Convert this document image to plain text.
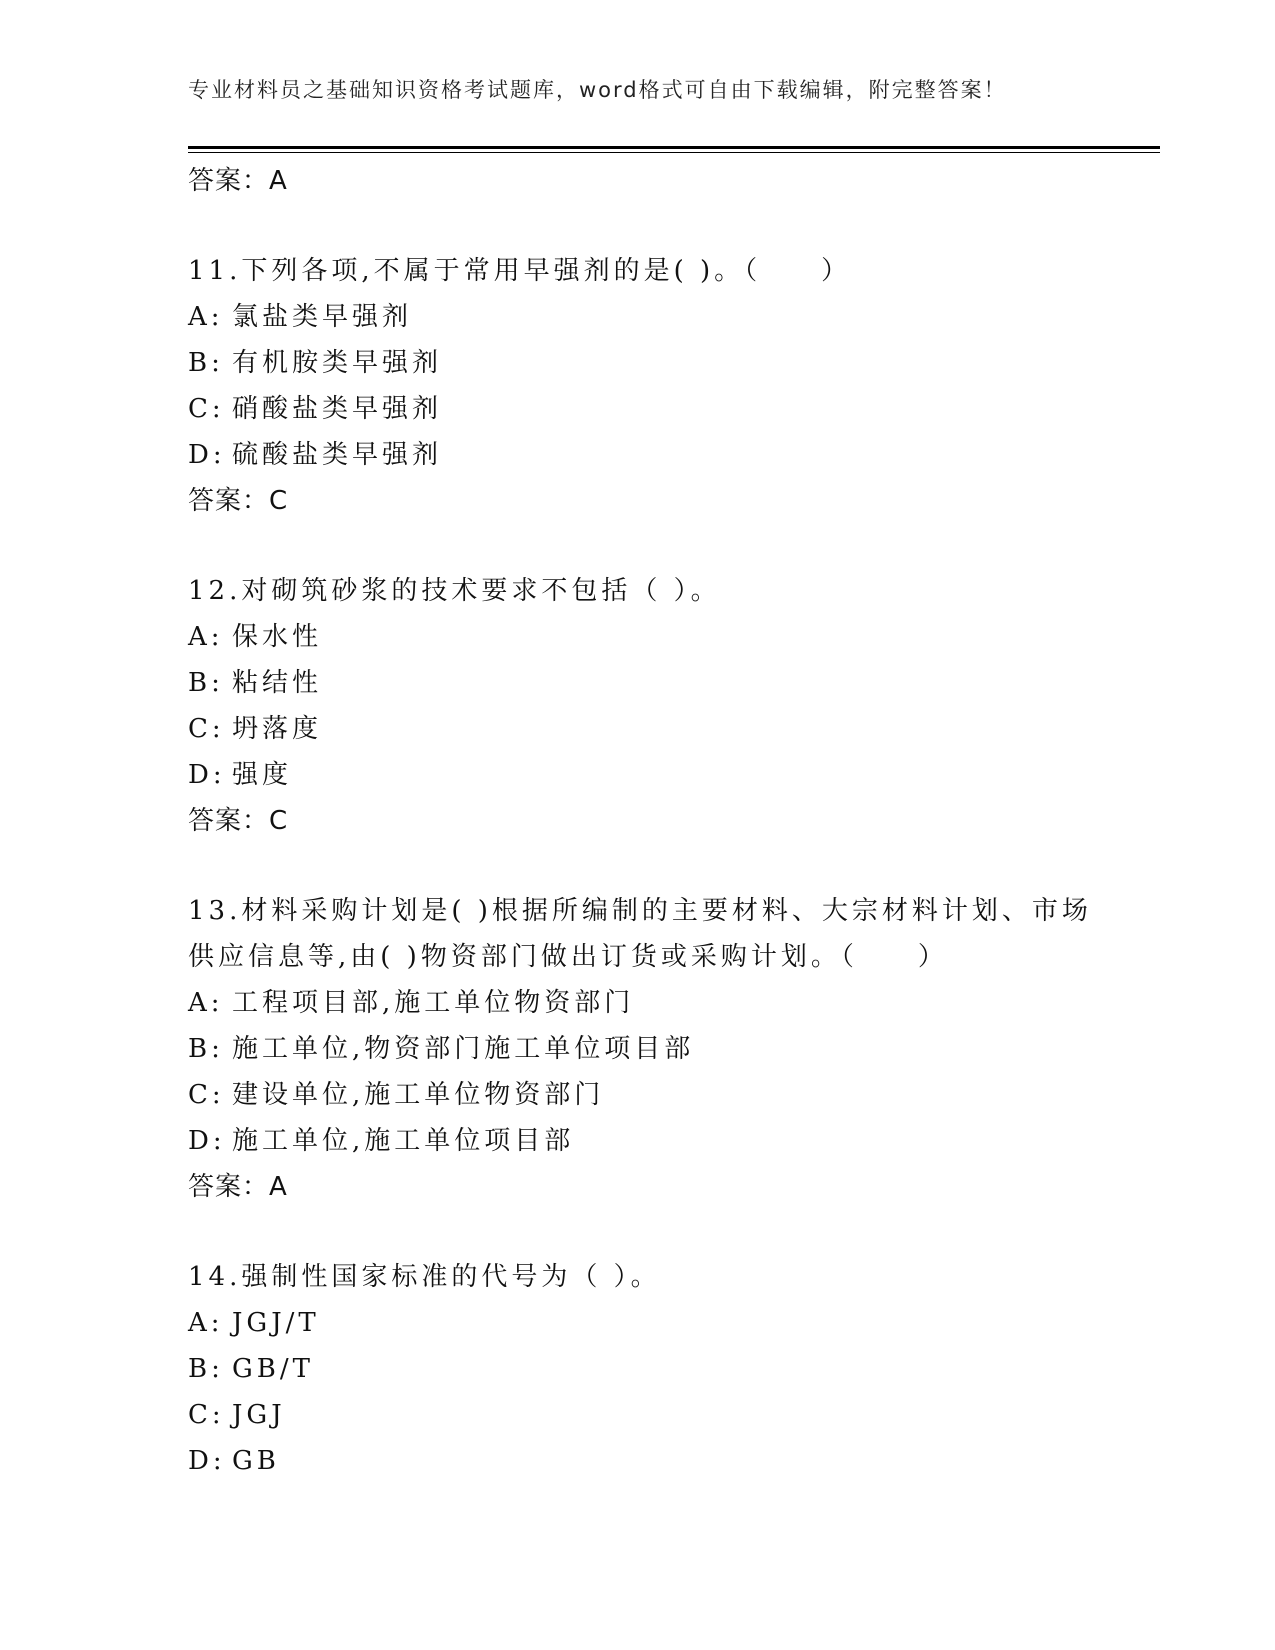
专业材料员之基础知识资格考试题库，word格式可自由下载编辑，附完整答案！
答案：A
11.下列各项,不属于常用早强剂的是( )。（　　）
A: 氯盐类早强剂
B: 有机胺类早强剂
C: 硝酸盐类早强剂
D: 硫酸盐类早强剂
答案：C
12.对砌筑砂浆的技术要求不包括（ ）。
A: 保水性
B: 粘结性
C: 坍落度
D: 强度
答案：C
13.材料采购计划是( )根据所编制的主要材料、大宗材料计划、市场
供应信息等,由( )物资部门做出订货或采购计划。（　　）
A: 工程项目部,施工单位物资部门
B: 施工单位,物资部门施工单位项目部
C: 建设单位,施工单位物资部门
D: 施工单位,施工单位项目部
答案：A
14.强制性国家标准的代号为（ ）。
A: JGJ/T
B: GB/T
C: JGJ
D: GB
